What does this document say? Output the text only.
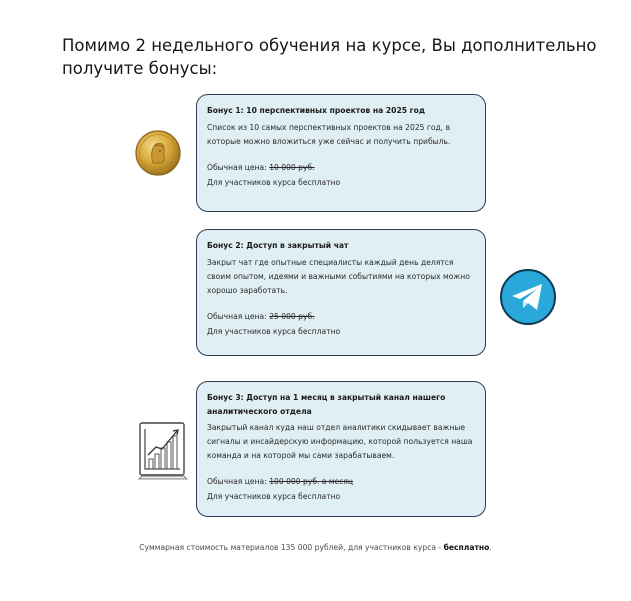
Помимо 2 недельного обучения на курсе, Вы дополнительно получите бонусы:

Бонус 1: 10 перспективных проектов на 2025 год

Список из 10 самых перспективных проектов на 2025 год, в которые можно вложиться уже сейчас и получить прибыль.

Обычная цена: 10 000 руб.

Для участников курса бесплатно

Бонус 2: Доступ в закрытый чат

Закрыт чат где опытные специалисты каждый день делятся своим опытом, идеями и важными событиями на которых можно хорошо заработать.

Обычная цена: 25 000 руб.

Для участников курса бесплатно

Бонус 3: Доступ на 1 месяц в закрытый канал нашего аналитического отдела

Закрытый канал куда наш отдел аналитики скидывает важные сигналы и инсайдерскую информацию, которой пользуется наша команда и на которой мы сами зарабатываем.

Обычная цена: 100 000 руб. в месяц

Для участников курса бесплатно

Суммарная стоимость материалов 135 000 рублей, для участников курса - бесплатно.
